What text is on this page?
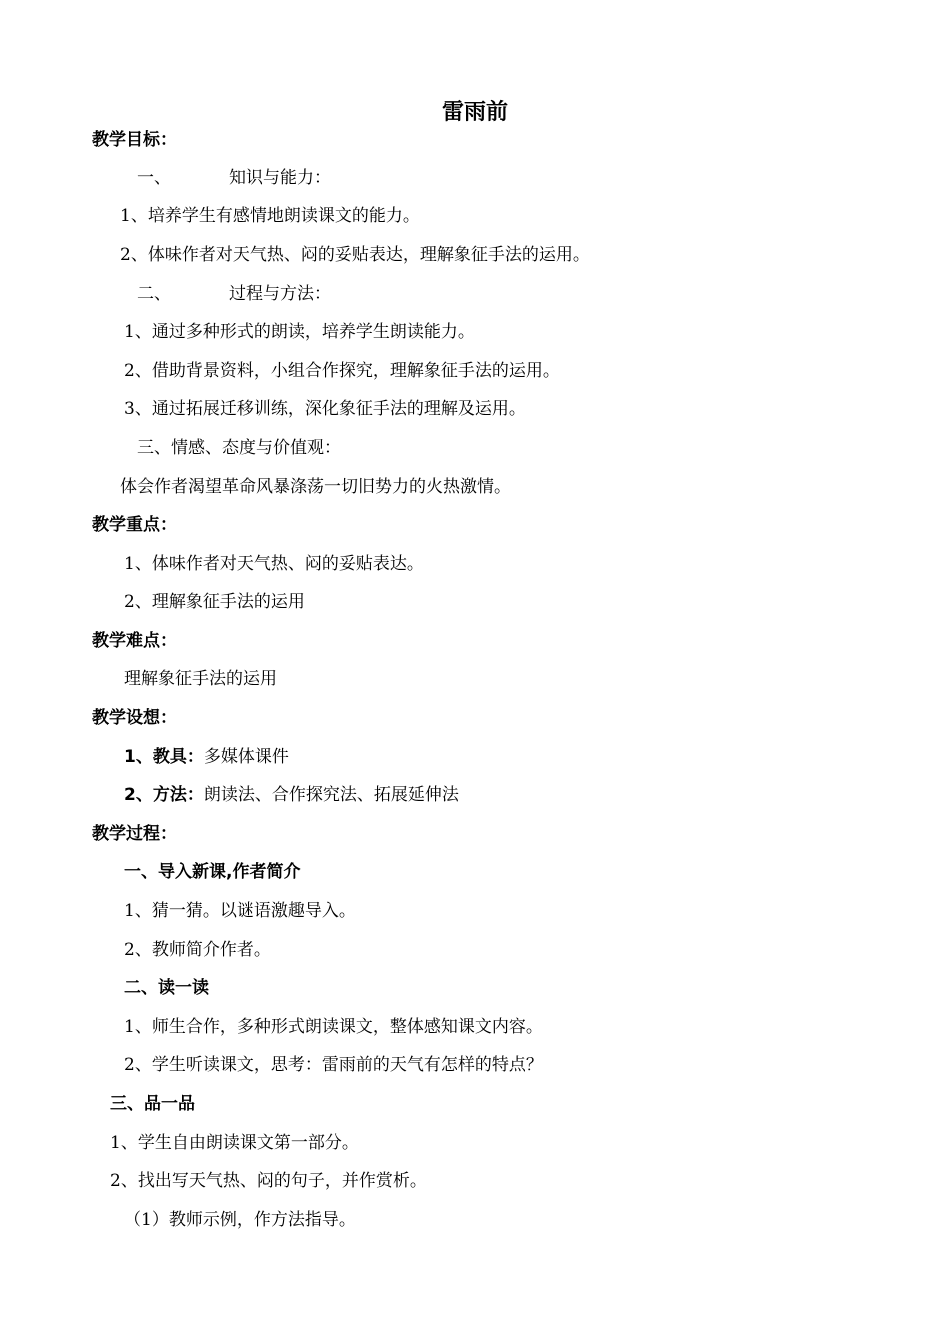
雷雨前
教学目标：
一、	知识与能力：
1、培养学生有感情地朗读课文的能力。
2、体味作者对天气热、闷的妥贴表达，理解象征手法的运用。
二、	过程与方法：
1、通过多种形式的朗读，培养学生朗读能力。
2、借助背景资料，小组合作探究，理解象征手法的运用。
3、通过拓展迁移训练，深化象征手法的理解及运用。
三、情感、态度与价值观：
体会作者渴望革命风暴涤荡一切旧势力的火热激情。
教学重点：
1、体味作者对天气热、闷的妥贴表达。
2、理解象征手法的运用
教学难点：
理解象征手法的运用
教学设想：
1、教具：多媒体课件
2、方法：朗读法、合作探究法、拓展延伸法
教学过程：
一、导入新课,作者简介
1、猜一猜。以谜语激趣导入。
2、教师简介作者。
二、读一读
1、师生合作，多种形式朗读课文，整体感知课文内容。
2、学生听读课文，思考：雷雨前的天气有怎样的特点？
三、品一品
1、学生自由朗读课文第一部分。
2、找出写天气热、闷的句子，并作赏析。
（1）教师示例，作方法指导。
